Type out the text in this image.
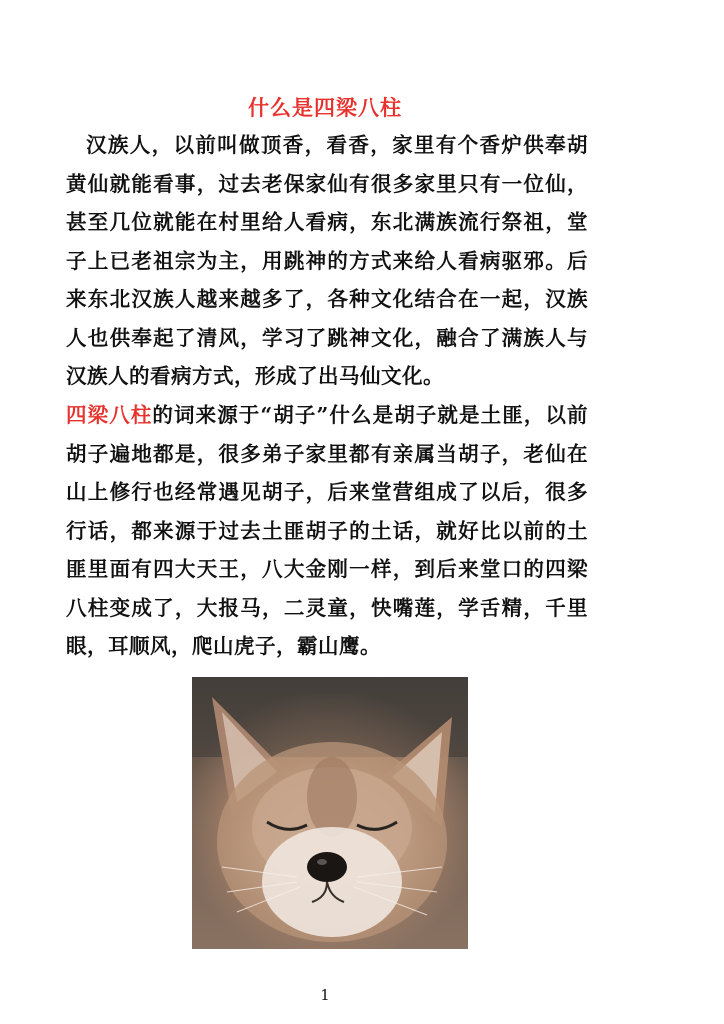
什么是四梁八柱
汉族人，以前叫做顶香，看香，家里有个香炉供奉胡黄仙就能看事，过去老保家仙有很多家里只有一位仙，甚至几位就能在村里给人看病，东北满族流行祭祖，堂子上已老祖宗为主，用跳神的方式来给人看病驱邪。后来东北汉族人越来越多了，各种文化结合在一起，汉族人也供奉起了清风，学习了跳神文化，融合了满族人与汉族人的看病方式，形成了出马仙文化。
四梁八柱的词来源于“胡子”什么是胡子就是土匪，以前胡子遍地都是，很多弟子家里都有亲属当胡子，老仙在山上修行也经常遇见胡子，后来堂营组成了以后，很多行话，都来源于过去土匪胡子的土话，就好比以前的土匪里面有四大天王，八大金刚一样，到后来堂口的四梁八柱变成了，大报马，二灵童，快嘴莲，学舌精，千里眼，耳顺风，爬山虎子，霸山鹰。
1
